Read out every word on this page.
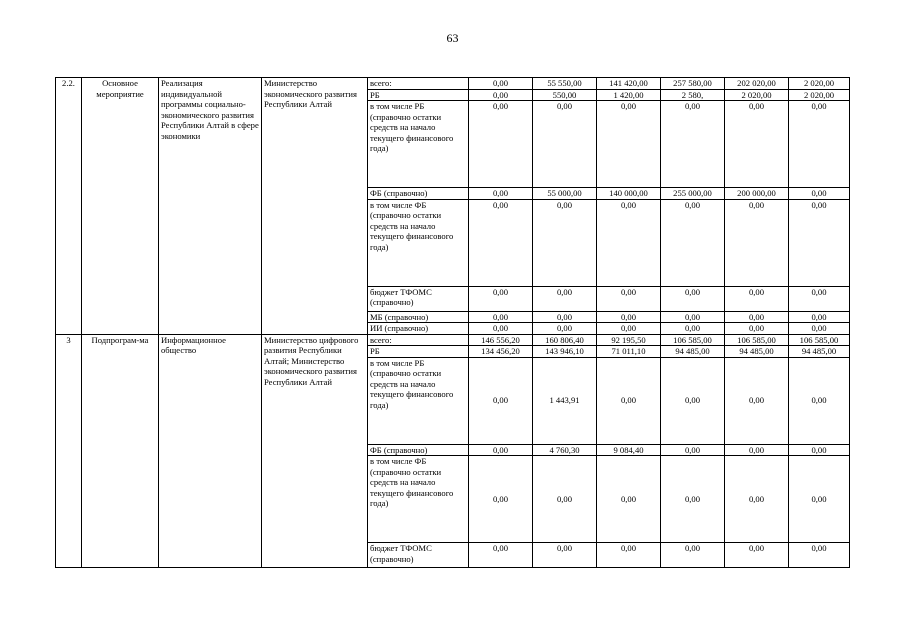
63
2.2.	Основное мероприятие	Реализация индивидуальной программы социально-экономического развития Республики Алтай в сфере экономики	Министерство экономического развития Республики Алтай	всего:	0,00	55 550,00	141 420,00	257 580,00	202 020,00	2 020,00
				РБ	0,00	550,00	1 420,00	2 580,	2 020,00	2 020,00
				в том числе РБ (справочно остатки средств на начало текущего финансового года)	0,00	0,00	0,00	0,00	0,00	0,00
				ФБ (справочно)	0,00	55 000,00	140 000,00	255 000,00	200 000,00	0,00
				в том числе ФБ (справочно остатки средств на начало текущего финансового года)	0,00	0,00	0,00	0,00	0,00	0,00
				бюджет ТФОМС (справочно)	0,00	0,00	0,00	0,00	0,00	0,00
				МБ (справочно)	0,00	0,00	0,00	0,00	0,00	0,00
				ИИ (справочно)	0,00	0,00	0,00	0,00	0,00	0,00
3	Подпрограм-ма	Информационное общество	Министерство цифрового развития Республики Алтай; Министерство экономического развития Республики Алтай	всего:	146 556,20	160 806,40	92 195,50	106 585,00	106 585,00	106 585,00
				РБ	134 456,20	143 946,10	71 011,10	94 485,00	94 485,00	94 485,00
				в том числе РБ (справочно остатки средств на начало текущего финансового года)	0,00	1 443,91	0,00	0,00	0,00	0,00
				ФБ (справочно)	0,00	4 760,30	9 084,40	0,00	0,00	0,00
				в том числе ФБ (справочно остатки средств на начало текущего финансового года)	0,00	0,00	0,00	0,00	0,00	0,00
				бюджет ТФОМС (справочно)	0,00	0,00	0,00	0,00	0,00	0,00
